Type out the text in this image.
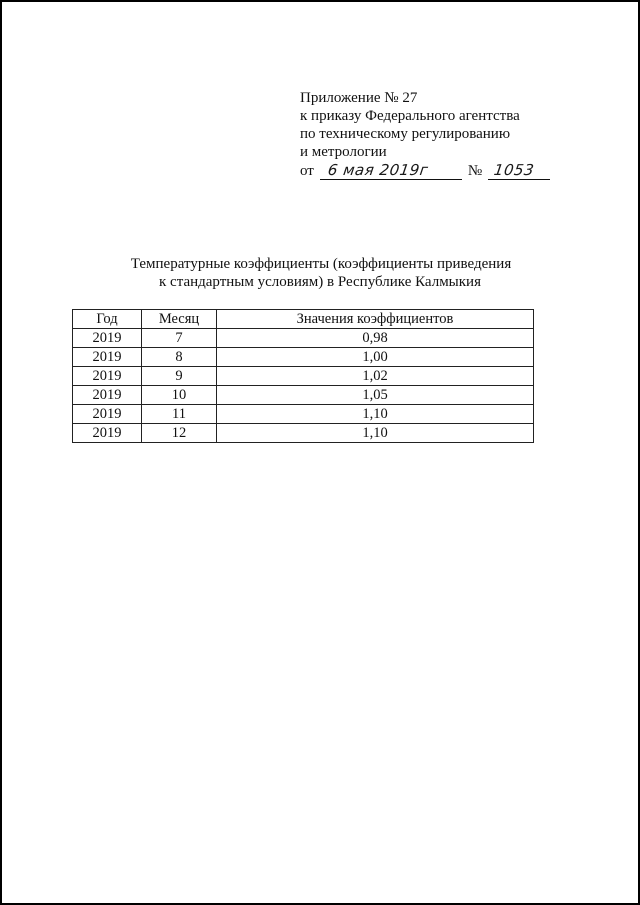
Приложение № 27
к приказу Федерального агентства
по техническому регулированию
и метрологии
от 6 мая 2019г	№ 1053
Температурные коэффициенты (коэффициенты приведения
к стандартным условиям) в Республике Калмыкия
Год	Месяц	Значения коэффициентов
2019	7	0,98
2019	8	1,00
2019	9	1,02
2019	10	1,05
2019	11	1,10
2019	12	1,10
